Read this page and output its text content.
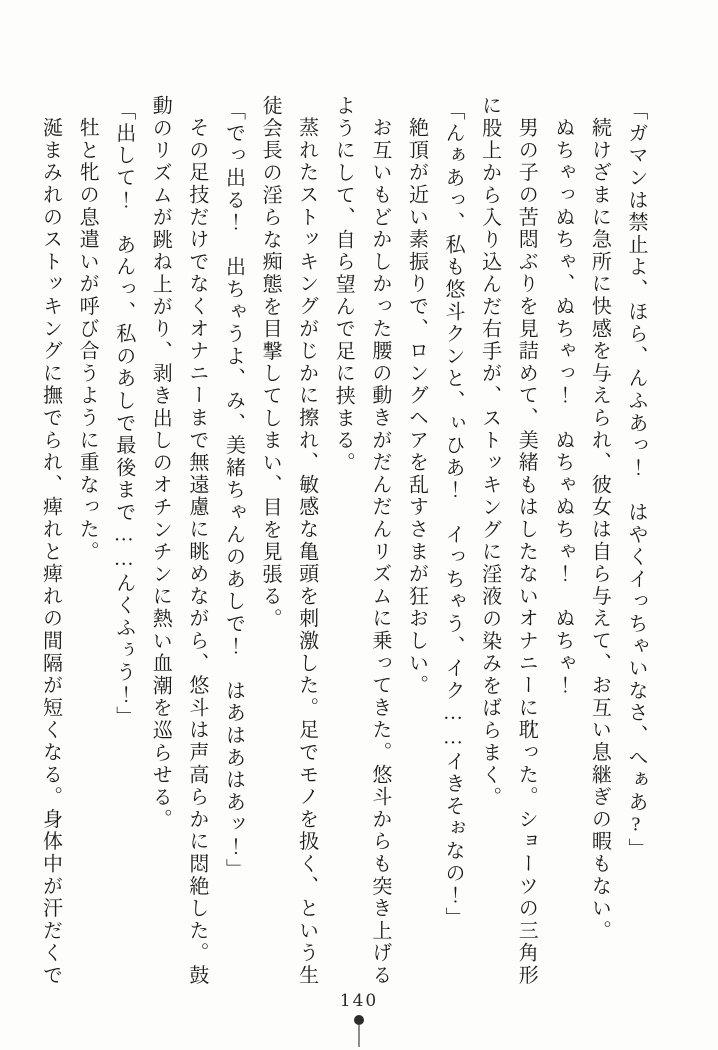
「ガマンは禁止よ、ほら、んふあっ！　はやくイっちゃいなさ、へぁあ?」

続けざまに急所に快感を与えられ、彼女は自ら与えて、お互い息継ぎの暇もない。

ぬちゃっぬちゃ、ぬちゃっ！　ぬちゃぬちゃ！　ぬちゃ！

男の子の苦悶ぶりを見詰めて、美緒もはしたないオナニーに耽った。ショーツの三角形に股上から入り込んだ右手が、ストッキングに淫液の染みをばらまく。

「んぁあっ、私も悠斗クンと、ぃひあ！　イっちゃう、イク……イきそぉなの！」

絶頂が近い素振りで、ロングヘアを乱すさまが狂おしい。

お互いもどかしかった腰の動きがだんだんリズムに乗ってきた。悠斗からも突き上げるようにして、自ら望んで足に挟まる。

蒸れたストッキングがじかに擦れ、敏感な亀頭を刺激した。足でモノを扱く、という生徒会長の淫らな痴態を目撃してしまい、目を見張る。

「でっ出る！　出ちゃうよ、み、美緒ちゃんのあしで！　はあはあはあッ！」

その足技だけでなくオナニーまで無遠慮に眺めながら、悠斗は声高らかに悶絶した。鼓動のリズムが跳ね上がり、剥き出しのオチンチンに熱い血潮を巡らせる。

「出して！　あんっ、私のあしで最後まで……んくふぅう！」

牡と牝の息遣いが呼び合うように重なった。

涎まみれのストッキングに撫でられ、痺れと痺れの間隔が短くなる。身体中が汗だくで

140
